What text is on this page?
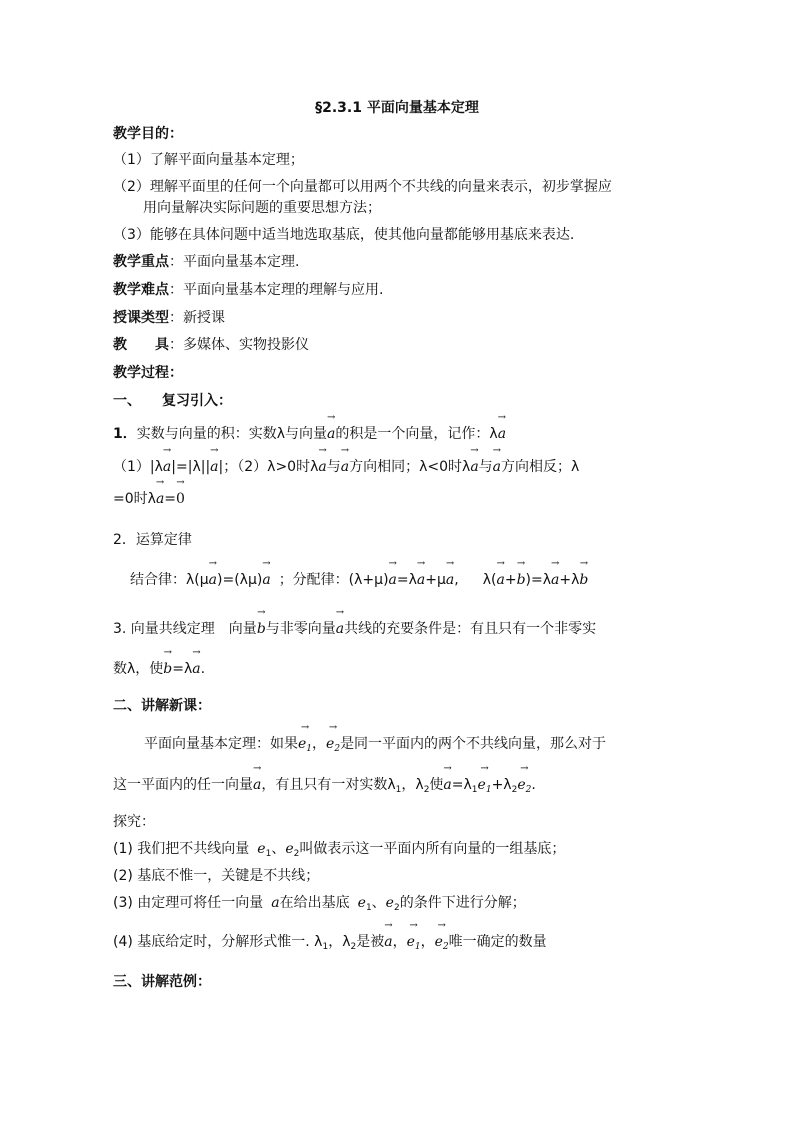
§2.3.1 平面向量基本定理
教学目的：
（1）了解平面向量基本定理；
（2）理解平面里的任何一个向量都可以用两个不共线的向量来表示，初步掌握应
用向量解决实际问题的重要思想方法；
（3）能够在具体问题中适当地选取基底，使其他向量都能够用基底来表达.
教学重点：平面向量基本定理.
教学难点：平面向量基本定理的理解与应用.
授课类型：新授课
教　　具：多媒体、实物投影仪
教学过程：
一、　　复习引入：
1．实数与向量的积：实数λ与向量→ a的积是一个向量，记作：λ→ a
（1）|λ→ a|=|λ||→ a|；（2）λ>0时λ→ a与→ a方向相同；λ<0时λ→ a与→ a方向相反；λ
=0时λ→ a=→ 0
2．运算定律
结合律：λ(μ→ a)=(λμ)→ a ；分配律：(λ+μ)→ a=λ→ a+μ→ a, λ(→ a+→ b)=λ→ a+λ→ b
3. 向量共线定理　向量→ b与非零向量→ a共线的充要条件是：有且只有一个非零实
数λ，使→ b=λ→ a.
二、讲解新课：
平面向量基本定理：如果→ $e_1$，→ $e_2$是同一平面内的两个不共线向量，那么对于
这一平面内的任一向量→ a，有且只有一对实数$\lambda_1$，$\lambda_2$使→ $a=\lambda_1\to e_1+\lambda_2\to e_2$.
探究：
(1) 我们把不共线向量 $e_1$、$e_2$叫做表示这一平面内所有向量的一组基底；
(2) 基底不惟一，关键是不共线；
(3) 由定理可将任一向量 a在给出基底 $e_1$、$e_2$的条件下进行分解；
(4) 基底给定时，分解形式惟一. $\lambda_1$，$\lambda_2$是被→ a，→ $e_1$，→ $e_2$唯一确定的数量
三、讲解范例：
